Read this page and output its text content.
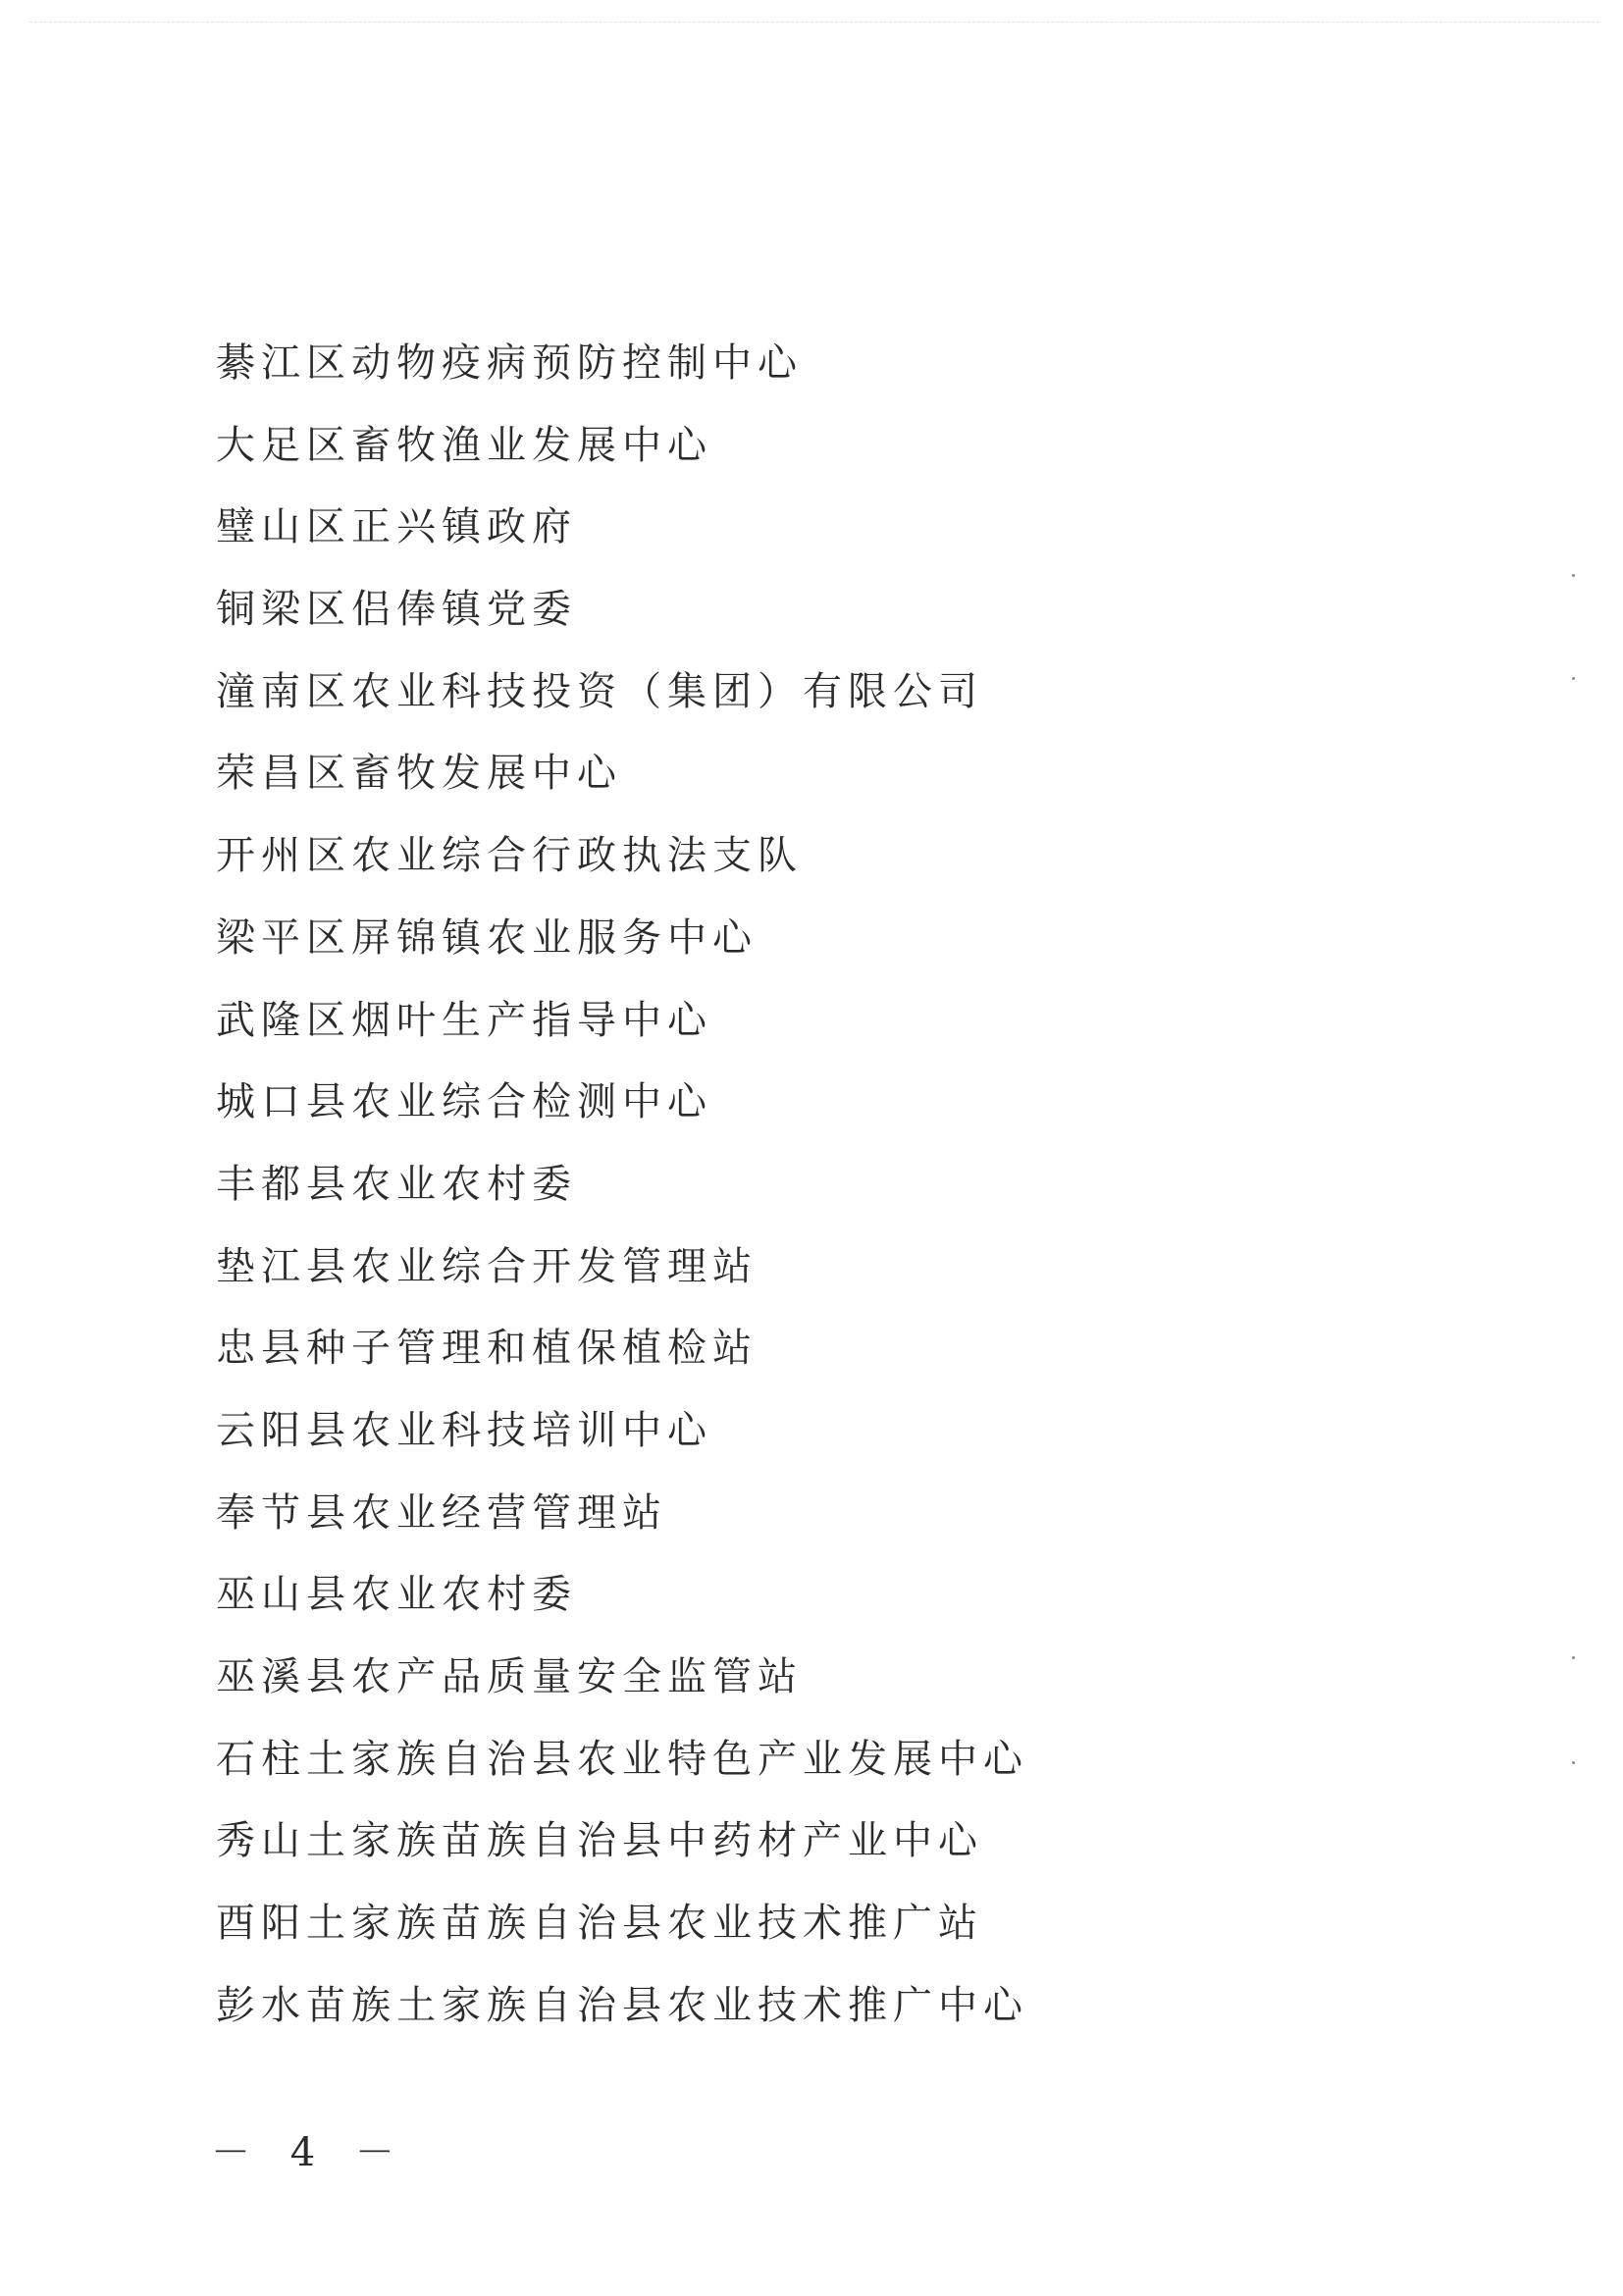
綦江区动物疫病预防控制中心
大足区畜牧渔业发展中心
璧山区正兴镇政府
铜梁区侣俸镇党委
潼南区农业科技投资（集团）有限公司
荣昌区畜牧发展中心
开州区农业综合行政执法支队
梁平区屏锦镇农业服务中心
武隆区烟叶生产指导中心
城口县农业综合检测中心
丰都县农业农村委
垫江县农业综合开发管理站
忠县种子管理和植保植检站
云阳县农业科技培训中心
奉节县农业经营管理站
巫山县农业农村委
巫溪县农产品质量安全监管站
石柱土家族自治县农业特色产业发展中心
秀山土家族苗族自治县中药材产业中心
酉阳土家族苗族自治县农业技术推广站
彭水苗族土家族自治县农业技术推广中心
－ 4 －
